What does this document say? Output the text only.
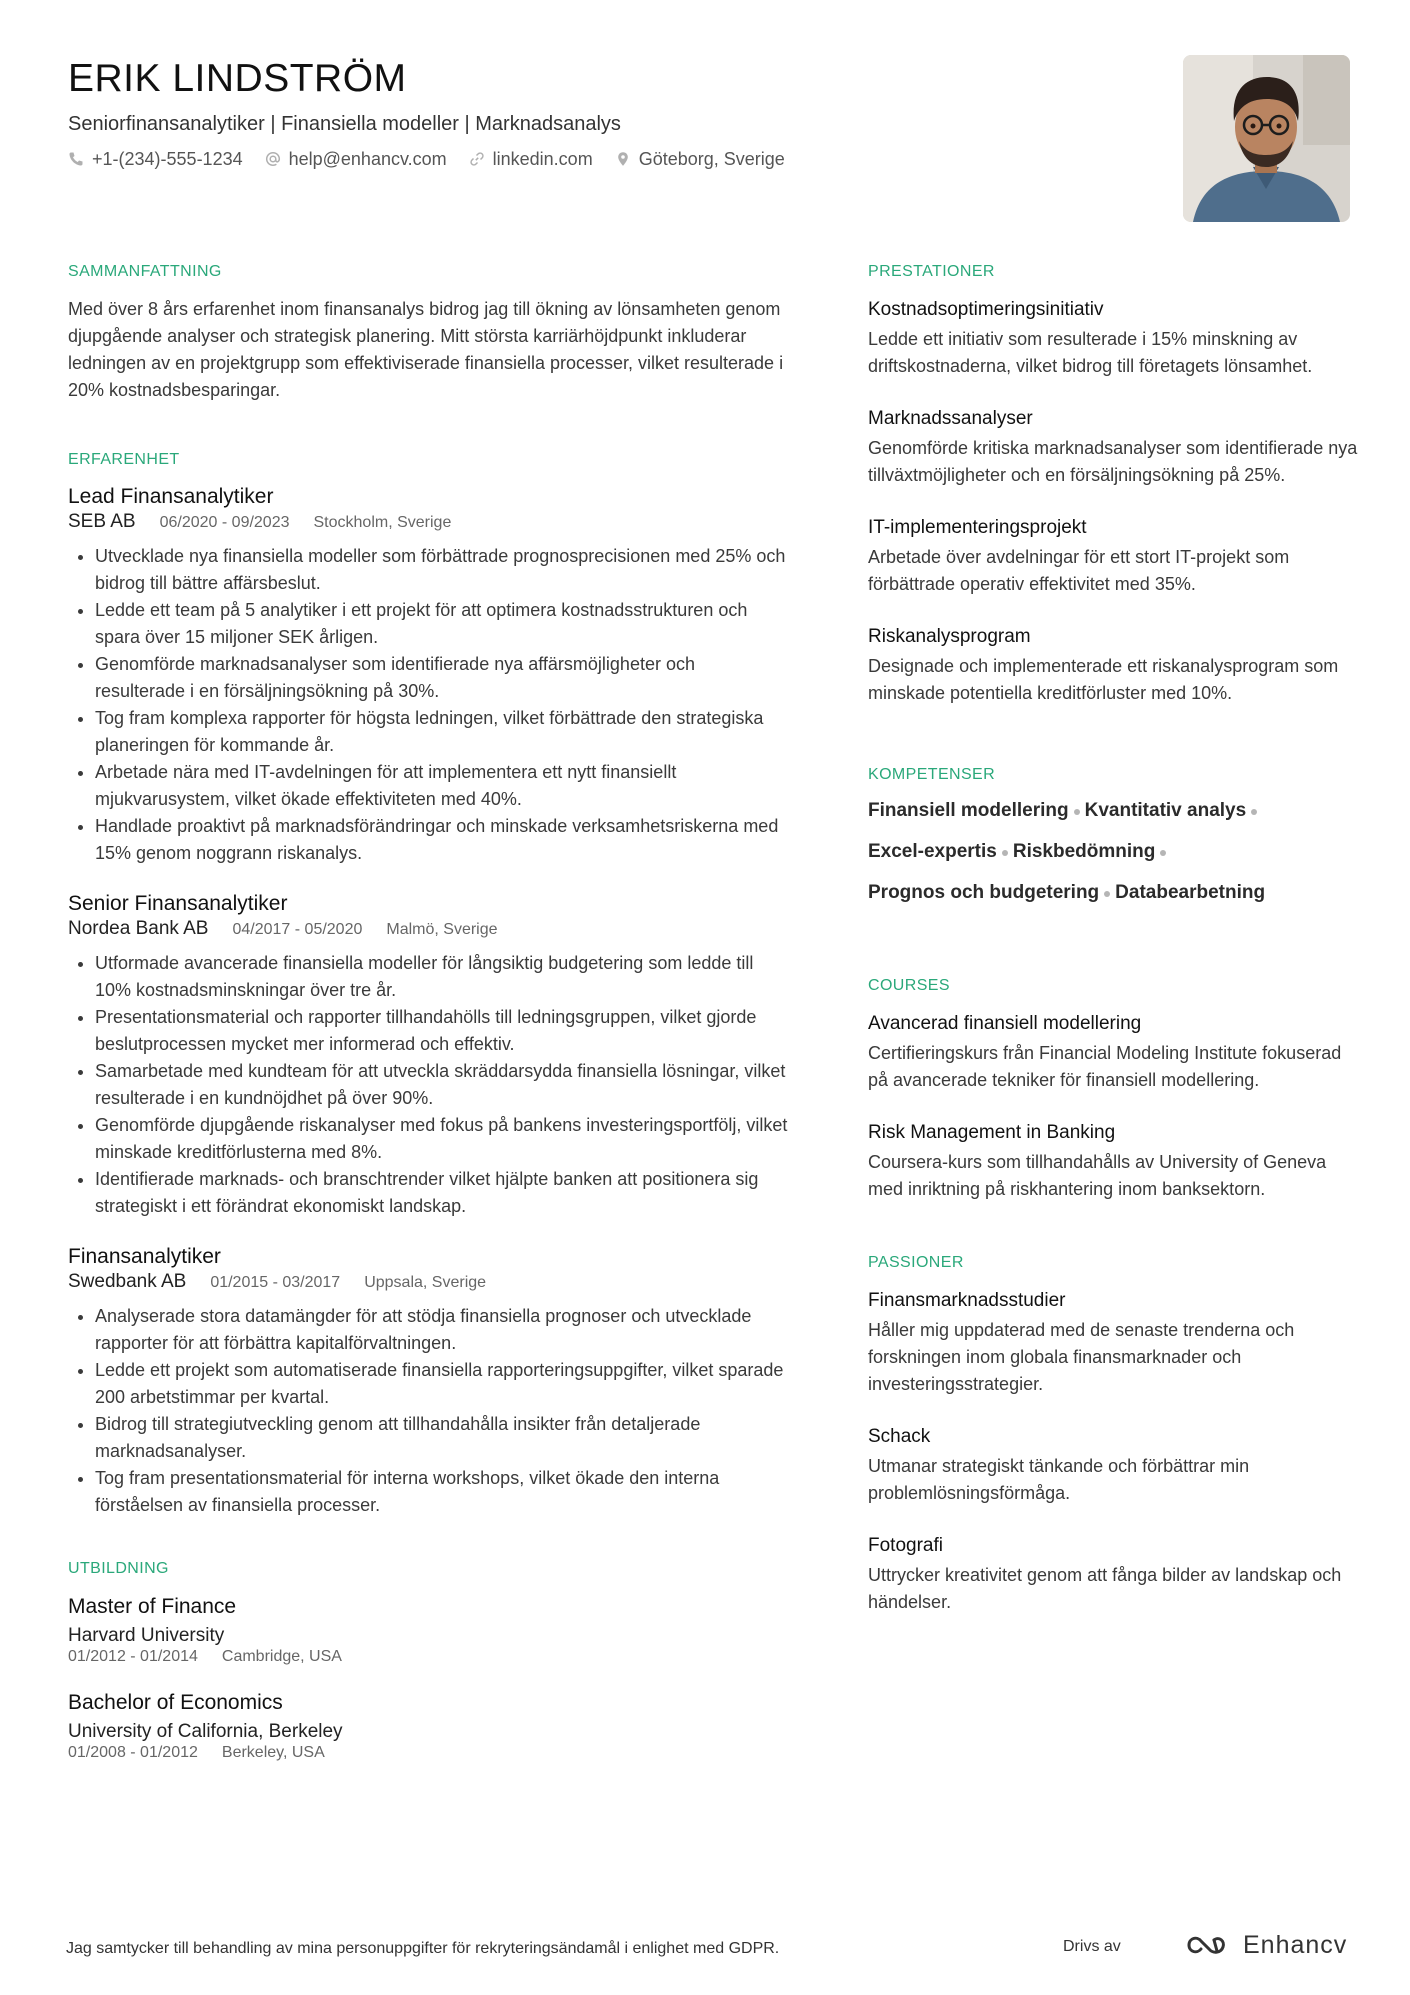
ERIK LINDSTRÖM
Seniorfinansanalytiker | Finansiella modeller | Marknadsanalys
+1-(234)-555-1234	help@enhancv.com	linkedin.com	Göteborg, Sverige
SAMMANFATTNING

Med över 8 års erfarenhet inom finansanalys bidrog jag till ökning av lönsamheten genom djupgående analyser och strategisk planering. Mitt största karriärhöjdpunkt inkluderar ledningen av en projektgrupp som effektiviserade finansiella processer, vilket resulterade i 20% kostnadsbesparingar.

ERFARENHET
Lead Finansanalytiker
SEB AB 06/2020 - 09/2023 Stockholm, Sverige
• Utvecklade nya finansiella modeller som förbättrade prognosprecisionen med 25% och bidrog till bättre affärsbeslut.
• Ledde ett team på 5 analytiker i ett projekt för att optimera kostnadsstrukturen och spara över 15 miljoner SEK årligen.
• Genomförde marknadsanalyser som identifierade nya affärsmöjligheter och resulterade i en försäljningsökning på 30%.
• Tog fram komplexa rapporter för högsta ledningen, vilket förbättrade den strategiska planeringen för kommande år.
• Arbetade nära med IT-avdelningen för att implementera ett nytt finansiellt mjukvarusystem, vilket ökade effektiviteten med 40%.
• Handlade proaktivt på marknadsförändringar och minskade verksamhetsriskerna med 15% genom noggrann riskanalys.
Senior Finansanalytiker
Nordea Bank AB 04/2017 - 05/2020 Malmö, Sverige
• Utformade avancerade finansiella modeller för långsiktig budgetering som ledde till 10% kostnadsminskningar över tre år.
• Presentationsmaterial och rapporter tillhandahölls till ledningsgruppen, vilket gjorde beslutprocessen mycket mer informerad och effektiv.
• Samarbetade med kundteam för att utveckla skräddarsydda finansiella lösningar, vilket resulterade i en kundnöjdhet på över 90%.
• Genomförde djupgående riskanalyser med fokus på bankens investeringsportfölj, vilket minskade kreditförlusterna med 8%.
• Identifierade marknads- och branschtrender vilket hjälpte banken att positionera sig strategiskt i ett förändrat ekonomiskt landskap.
Finansanalytiker
Swedbank AB 01/2015 - 03/2017 Uppsala, Sverige
• Analyserade stora datamängder för att stödja finansiella prognoser och utvecklade rapporter för att förbättra kapitalförvaltningen.
• Ledde ett projekt som automatiserade finansiella rapporteringsuppgifter, vilket sparade 200 arbetstimmar per kvartal.
• Bidrog till strategiutveckling genom att tillhandahålla insikter från detaljerade marknadsanalyser.
• Tog fram presentationsmaterial för interna workshops, vilket ökade den interna förståelsen av finansiella processer.
UTBILDNING
Master of Finance
Harvard University
01/2012 - 01/2014 Cambridge, USA
Bachelor of Economics
University of California, Berkeley
01/2008 - 01/2012 Berkeley, USA
PRESTATIONER
Kostnadsoptimeringsinitiativ

Ledde ett initiativ som resulterade i 15% minskning av driftskostnaderna, vilket bidrog till företagets lönsamhet.

Marknadssanalyser

Genomförde kritiska marknadsanalyser som identifierade nya tillväxtmöjligheter och en försäljningsökning på 25%.

IT-implementeringsprojekt

Arbetade över avdelningar för ett stort IT-projekt som förbättrade operativ effektivitet med 35%.

Riskanalysprogram

Designade och implementerade ett riskanalysprogram som minskade potentiella kreditförluster med 10%.

KOMPETENSER
Finansiell modellering Kvantitativ analys
Excel-expertis Riskbedömning
Prognos och budgetering Databearbetning
COURSES
Avancerad finansiell modellering

Certifieringskurs från Financial Modeling Institute fokuserad på avancerade tekniker för finansiell modellering.

Risk Management in Banking

Coursera-kurs som tillhandahålls av University of Geneva med inriktning på riskhantering inom banksektorn.

PASSIONER
Finansmarknadsstudier

Håller mig uppdaterad med de senaste trenderna och forskningen inom globala finansmarknader och investeringsstrategier.

Schack

Utmanar strategiskt tänkande och förbättrar min problemlösningsförmåga.

Fotografi

Uttrycker kreativitet genom att fånga bilder av landskap och händelser.

Jag samtycker till behandling av mina personuppgifter för rekryteringsändamål i enlighet med GDPR.	Drivs av	Enhancv
